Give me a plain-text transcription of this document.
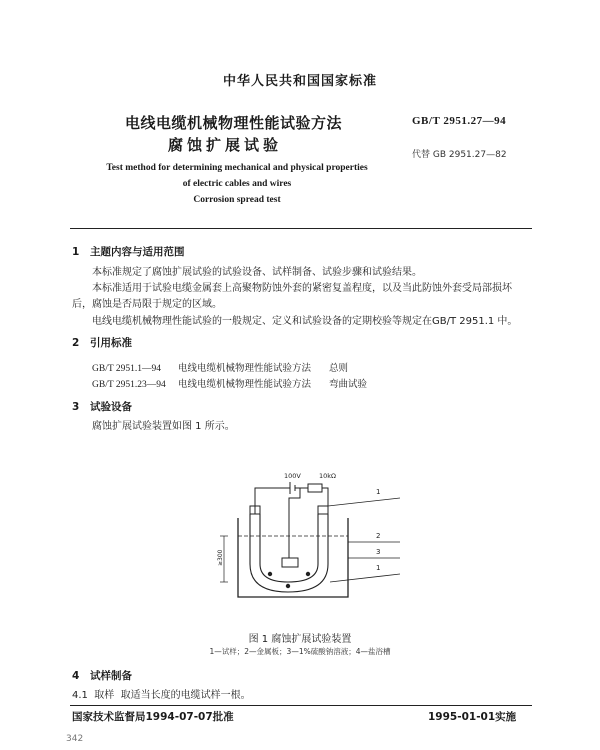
中华人民共和国国家标准
电线电缆机械物理性能试验方法
腐蚀扩展试验
GB/T 2951.27—94
代替 GB 2951.27—82
Test method for determining mechanical and physical properties
of electric cables and wires
Corrosion spread test
1 主题内容与适用范围
本标准规定了腐蚀扩展试验的试验设备、试样制备、试验步骤和试验结果。
本标准适用于试验电缆金属套上高聚物防蚀外套的紧密复盖程度，以及当此防蚀外套受局部损坏
后，腐蚀是否局限于规定的区域。
电线电缆机械物理性能试验的一般规定、定义和试验设备的定期校验等规定在GB/T 2951.1 中。
2 引用标准
GB/T 2951.1—94 电线电缆机械物理性能试验方法 总则
GB/T 2951.23—94 电线电缆机械物理性能试验方法 弯曲试验
3 试验设备
腐蚀扩展试验装置如图 1 所示。
100V	10kΩ
≥300
1
2
3
1
图 1 腐蚀扩展试验装置
1—试样；2—金属板；3—1%硫酸钠溶液；4—盐浴槽
4 试样制备
4.1 取样 取适当长度的电缆试样一根。
国家技术监督局1994-07-07批准	1995-01-01实施
342
